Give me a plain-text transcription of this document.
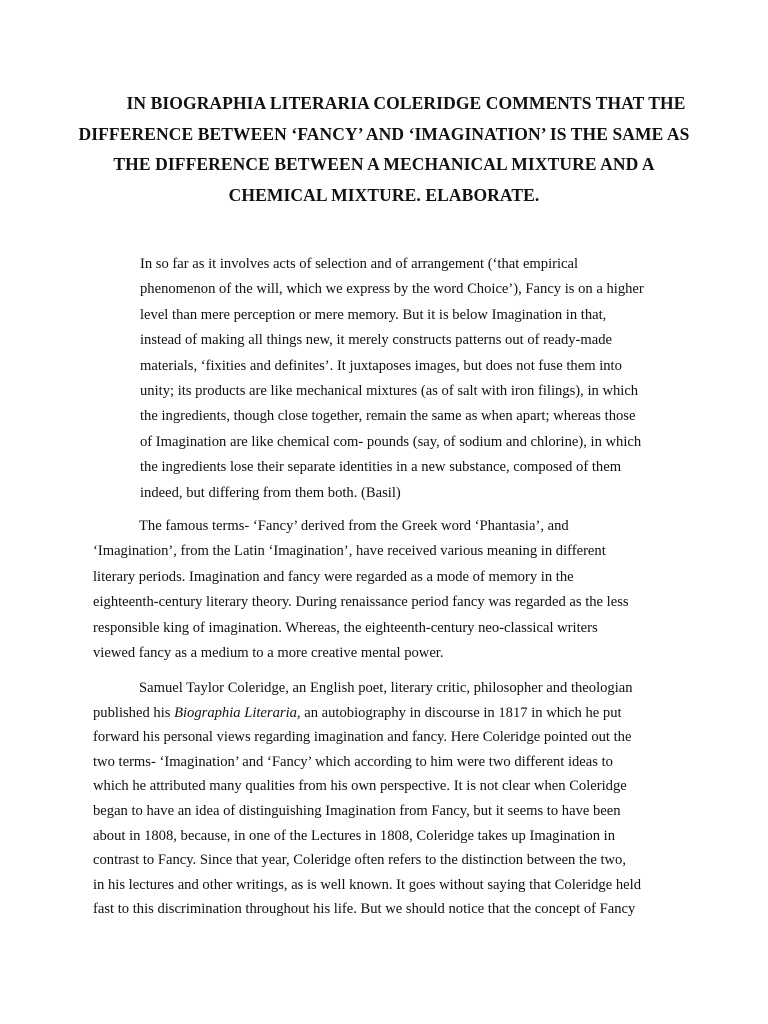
IN BIOGRAPHIA LITERARIA COLERIDGE COMMENTS THAT THE
DIFFERENCE BETWEEN ‘FANCY’ AND ‘IMAGINATION’ IS THE SAME AS
THE DIFFERENCE BETWEEN A MECHANICAL MIXTURE AND A
CHEMICAL MIXTURE. ELABORATE.
In so far as it involves acts of selection and of arrangement (‘that empirical
phenomenon of the will, which we express by the word Choice’), Fancy is on a higher
level than mere perception or mere memory. But it is below Imagination in that,
instead of making all things new, it merely constructs patterns out of ready-made
materials, ‘fixities and definites’. It juxtaposes images, but does not fuse them into
unity; its products are like mechanical mixtures (as of salt with iron filings), in which
the ingredients, though close together, remain the same as when apart; whereas those
of Imagination are like chemical com- pounds (say, of sodium and chlorine), in which
the ingredients lose their separate identities in a new substance, composed of them
indeed, but differing from them both. (Basil)
The famous terms- ‘Fancy’ derived from the Greek word ‘Phantasia’, and
‘Imagination’, from the Latin ‘Imagination’, have received various meaning in different
literary periods. Imagination and fancy were regarded as a mode of memory in the
eighteenth-century literary theory. During renaissance period fancy was regarded as the less
responsible king of imagination. Whereas, the eighteenth-century neo-classical writers
viewed fancy as a medium to a more creative mental power.
Samuel Taylor Coleridge, an English poet, literary critic, philosopher and theologian
published his Biographia Literaria, an autobiography in discourse in 1817 in which he put
forward his personal views regarding imagination and fancy. Here Coleridge pointed out the
two terms- ‘Imagination’ and ‘Fancy’ which according to him were two different ideas to
which he attributed many qualities from his own perspective. It is not clear when Coleridge
began to have an idea of distinguishing Imagination from Fancy, but it seems to have been
about in 1808, because, in one of the Lectures in 1808, Coleridge takes up Imagination in
contrast to Fancy. Since that year, Coleridge often refers to the distinction between the two,
in his lectures and other writings, as is well known. It goes without saying that Coleridge held
fast to this discrimination throughout his life. But we should notice that the concept of Fancy
